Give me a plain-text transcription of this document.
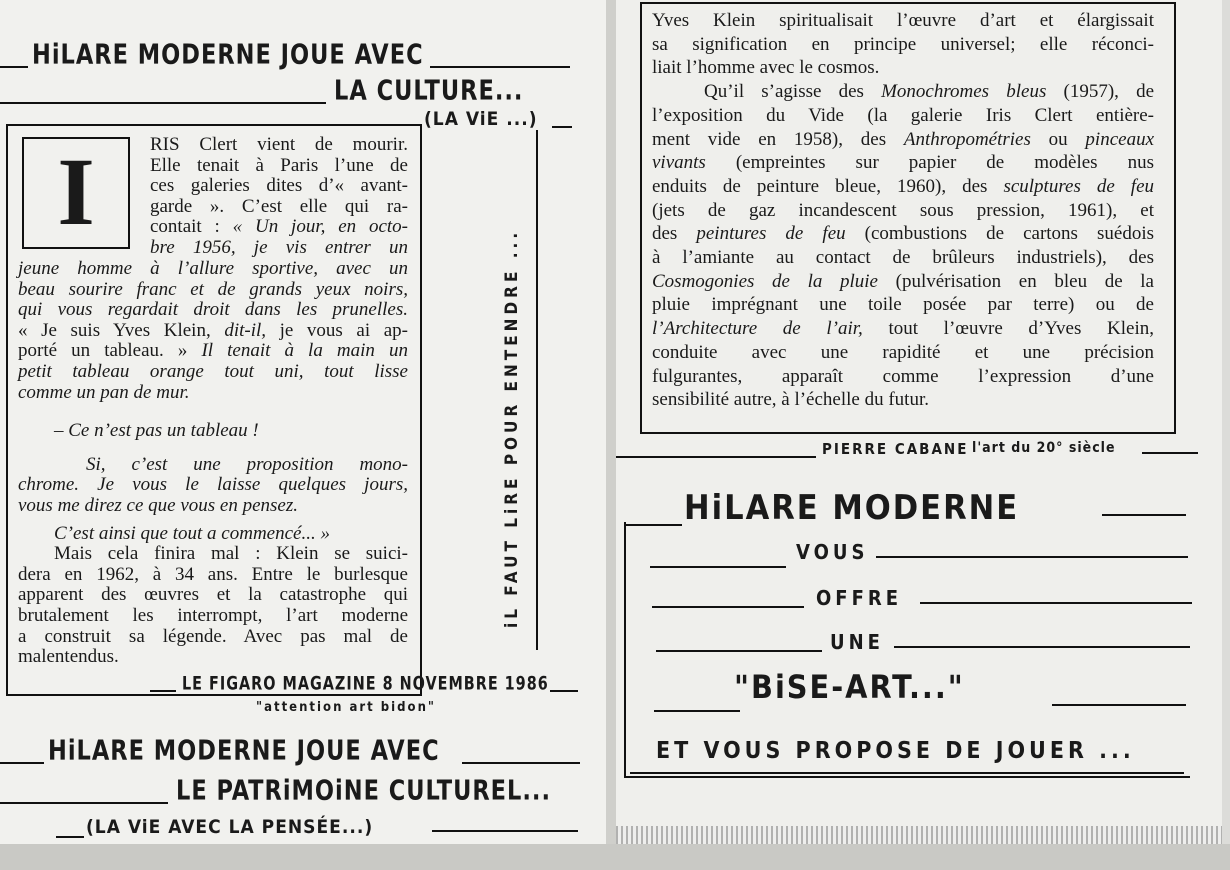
HiLARE MODERNE JOUE AVEC
LA CULTURE...
(LA ViE ...)
I	RIS Clert vient de mourir.

Elle tenait à Paris l’une de

ces galeries dites d’« avant-

garde ». C’est elle qui ra-

contait : « Un jour, en octo-

bre 1956, je vis entrer un

jeune homme à l’allure sportive, avec un

beau sourire franc et de grands yeux noirs,

qui vous regardait droit dans les prunelles.

« Je suis Yves Klein, dit-il, je vous ai ap-

porté un tableau. » Il tenait à la main un

petit tableau orange tout uni, tout lisse

comme un pan de mur.

– Ce n’est pas un tableau !

Si, c’est une proposition mono-

chrome. Je vous le laisse quelques jours,

vous me direz ce que vous en pensez.

C’est ainsi que tout a commencé... »

Mais cela finira mal : Klein se suici-

dera en 1962, à 34 ans. Entre le burlesque

apparent des œuvres et la catastrophe qui

brutalement les interrompt, l’art moderne

a construit sa légende. Avec pas mal de

malentendus.

iL FAUT LiRE POUR ENTENDRE ...
LE FIGARO MAGAZINE 8 NOVEMBRE 1986
"attention art bidon"
HiLARE MODERNE JOUE AVEC
LE PATRiMOiNE CULTUREL...
(LA ViE AVEC LA PENSÉE...)

Yves Klein spiritualisait l’œuvre d’art et élargissait

sa signification en principe universel; elle réconci-

liait l’homme avec le cosmos.

Qu’il s’agisse des Monochromes bleus (1957), de

l’exposition du Vide (la galerie Iris Clert entière-

ment vide en 1958), des Anthropométries ou pinceaux

vivants (empreintes sur papier de modèles nus

enduits de peinture bleue, 1960), des sculptures de feu

(jets de gaz incandescent sous pression, 1961), et

des peintures de feu (combustions de cartons suédois

à l’amiante au contact de brûleurs industriels), des

Cosmogonies de la pluie (pulvérisation en bleu de la

pluie imprégnant une toile posée par terre) ou de

l’Architecture de l’air, tout l’œuvre d’Yves Klein,

conduite avec une rapidité et une précision

fulgurantes, apparaît comme l’expression d’une

sensibilité autre, à l’échelle du futur.

PIERRE CABANE l'art du 20° siècle
HiLARE MODERNE
VOUS
OFFRE
UNE
"BiSE-ART..."
ET VOUS PROPOSE DE JOUER ...
